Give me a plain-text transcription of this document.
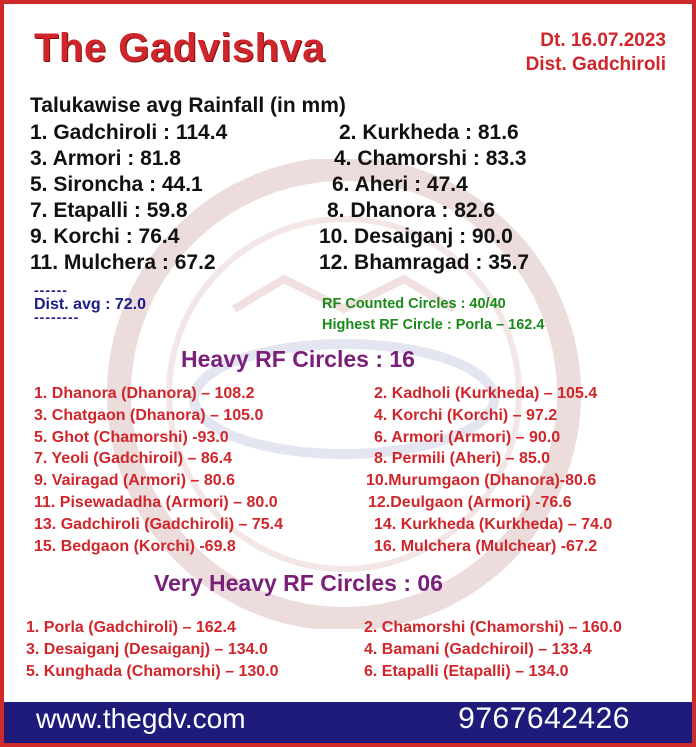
The Gadvishva	Dt. 16.07.2023
Dist. Gadchiroli
Talukawise avg Rainfall (in mm)
1. Gadchiroli : 114.4	2. Kurkheda : 81.6
3. Armori : 81.8	4. Chamorshi : 83.3
5. Sironcha : 44.1	6. Aheri : 47.4
7. Etapalli : 59.8	8. Dhanora : 82.6
9. Korchi : 76.4	10. Desaiganj : 90.0
11. Mulchera : 67.2	12. Bhamragad : 35.7
------
Dist. avg : 72.0
--------
RF Counted Circles : 40/40
Highest RF Circle : Porla – 162.4
Heavy RF Circles : 16
1. Dhanora (Dhanora) – 108.2	2. Kadholi (Kurkheda) – 105.4
3. Chatgaon (Dhanora) – 105.0	4. Korchi (Korchi) – 97.2
5. Ghot (Chamorshi) -93.0	6. Armori (Armori) – 90.0
7. Yeoli (Gadchiroil) – 86.4	8. Permili (Aheri) – 85.0
9. Vairagad (Armori) – 80.6	10.Murumgaon (Dhanora)-80.6
11. Pisewadadha (Armori) – 80.0	12.Deulgaon (Armori) -76.6
13. Gadchiroli (Gadchiroli) – 75.4	14. Kurkheda (Kurkheda) – 74.0
15. Bedgaon (Korchi) -69.8	16. Mulchera (Mulchear) -67.2
Very Heavy RF Circles : 06
1. Porla (Gadchiroli) – 162.4	2. Chamorshi (Chamorshi) – 160.0
3. Desaiganj (Desaiganj) – 134.0	4. Bamani (Gadchiroil) – 133.4
5. Kunghada (Chamorshi) – 130.0	6. Etapalli (Etapalli) – 134.0
www.thegdv.com	9767642426
